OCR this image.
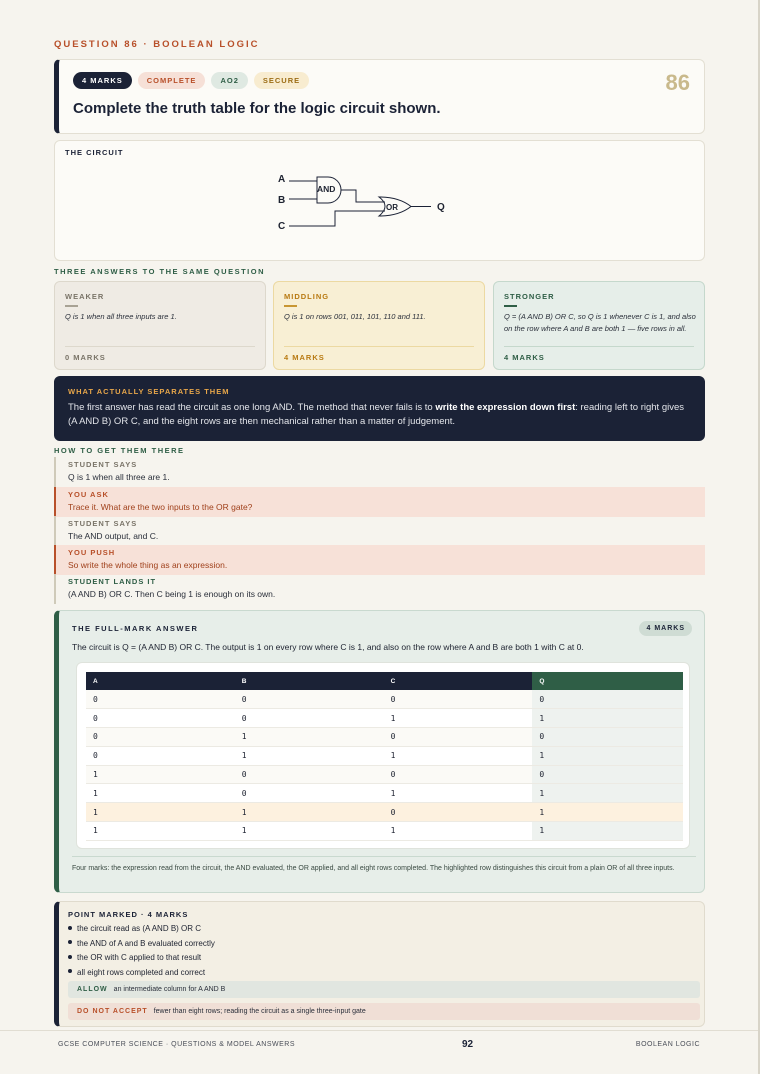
QUESTION 86 · BOOLEAN LOGIC
4 MARKS	COMPLETE	AO2	SECURE	86
Complete the truth table for the logic circuit shown.
THE CIRCUIT
A
B
C
AND
OR	Q
THREE ANSWERS TO THE SAME QUESTION
WEAKER
Q is 1 when all three inputs are 1.
0 MARKS
MIDDLING
Q is 1 on rows 001, 011, 101, 110 and 111.
4 MARKS
STRONGER
Q = (A AND B) OR C, so Q is 1 whenever C is 1, and also on the row where A and B are both 1 — five rows in all.
4 MARKS
WHAT ACTUALLY SEPARATES THEM
The first answer has read the circuit as one long AND. The method that never fails is to write the expression down first: reading left to right gives (A AND B) OR C, and the eight rows are then mechanical rather than a matter of judgement.
HOW TO GET THEM THERE
STUDENT SAYS
Q is 1 when all three are 1.
YOU ASK
Trace it. What are the two inputs to the OR gate?
STUDENT SAYS
The AND output, and C.
YOU PUSH
So write the whole thing as an expression.
STUDENT LANDS IT
(A AND B) OR C. Then C being 1 is enough on its own.
THE FULL-MARK ANSWER	4 MARKS
The circuit is Q = (A AND B) OR C. The output is 1 on every row where C is 1, and also on the row where A and B are both 1 with C at 0.
A	B	C	Q
0	0	0	0
0	0	1	1
0	1	0	0
0	1	1	1
1	0	0	0
1	0	1	1
1	1	0	1
1	1	1	1
Four marks: the expression read from the circuit, the AND evaluated, the OR applied, and all eight rows completed. The highlighted row distinguishes this circuit from a plain OR of all three inputs.
POINT MARKED · 4 MARKS
the circuit read as (A AND B) OR C
the AND of A and B evaluated correctly
the OR with C applied to that result
all eight rows completed and correct
ALLOW an intermediate column for A AND B
DO NOT ACCEPT fewer than eight rows; reading the circuit as a single three-input gate
GCSE COMPUTER SCIENCE · QUESTIONS & MODEL ANSWERS	92	BOOLEAN LOGIC
